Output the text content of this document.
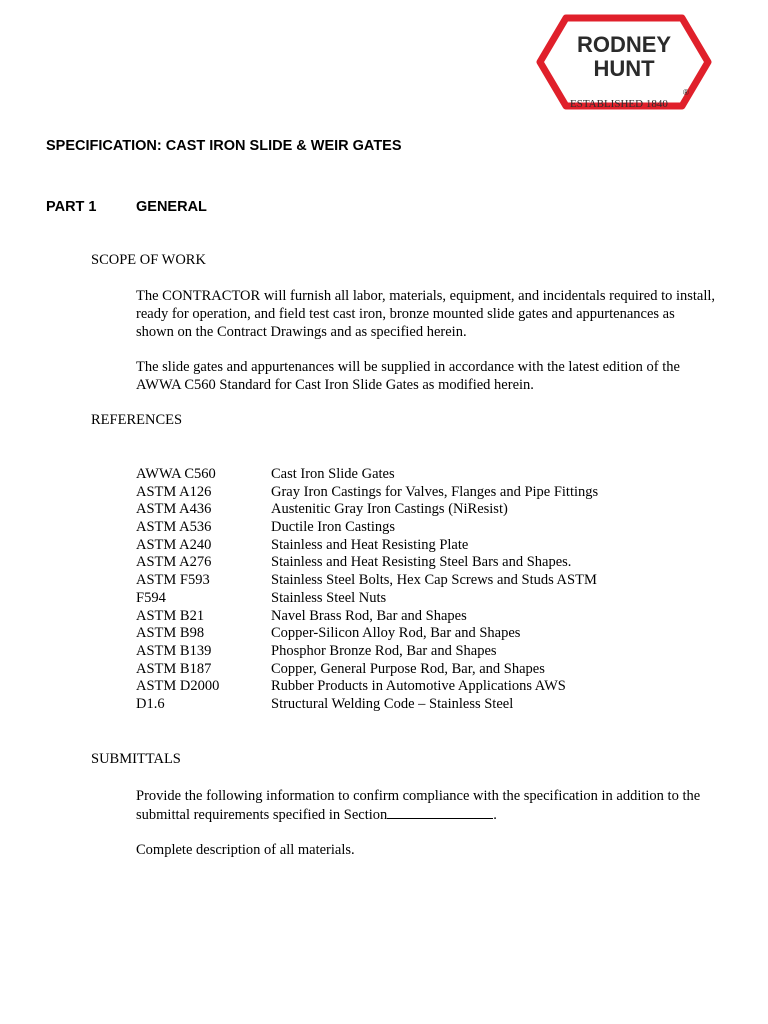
RODNEY
HUNT
®
ESTABLISHED 1840
SPECIFICATION: CAST IRON SLIDE & WEIR GATES
PART 1	GENERAL
SCOPE OF WORK
The CONTRACTOR will furnish all labor, materials, equipment, and incidentals required to install, ready for operation, and field test cast iron, bronze mounted slide gates and appurtenances as shown on the Contract Drawings and as specified herein.
The slide gates and appurtenances will be supplied in accordance with the latest edition of the AWWA C560 Standard for Cast Iron Slide Gates as modified herein.
REFERENCES
AWWA C560	Cast Iron Slide Gates
ASTM A126	Gray Iron Castings for Valves, Flanges and Pipe Fittings
ASTM A436	Austenitic Gray Iron Castings (NiResist)
ASTM A536	Ductile Iron Castings
ASTM A240	Stainless and Heat Resisting Plate
ASTM A276	Stainless and Heat Resisting Steel Bars and Shapes.
ASTM F593	Stainless Steel Bolts, Hex Cap Screws and Studs ASTM
F594	Stainless Steel Nuts
ASTM B21	Navel Brass Rod, Bar and Shapes
ASTM B98	Copper-Silicon Alloy Rod, Bar and Shapes
ASTM B139	Phosphor Bronze Rod, Bar and Shapes
ASTM B187	Copper, General Purpose Rod, Bar, and Shapes
ASTM D2000	Rubber Products in Automotive Applications AWS
D1.6	Structural Welding Code – Stainless Steel
SUBMITTALS
Provide the following information to confirm compliance with the specification in addition to the submittal requirements specified in Section	.
Complete description of all materials.
